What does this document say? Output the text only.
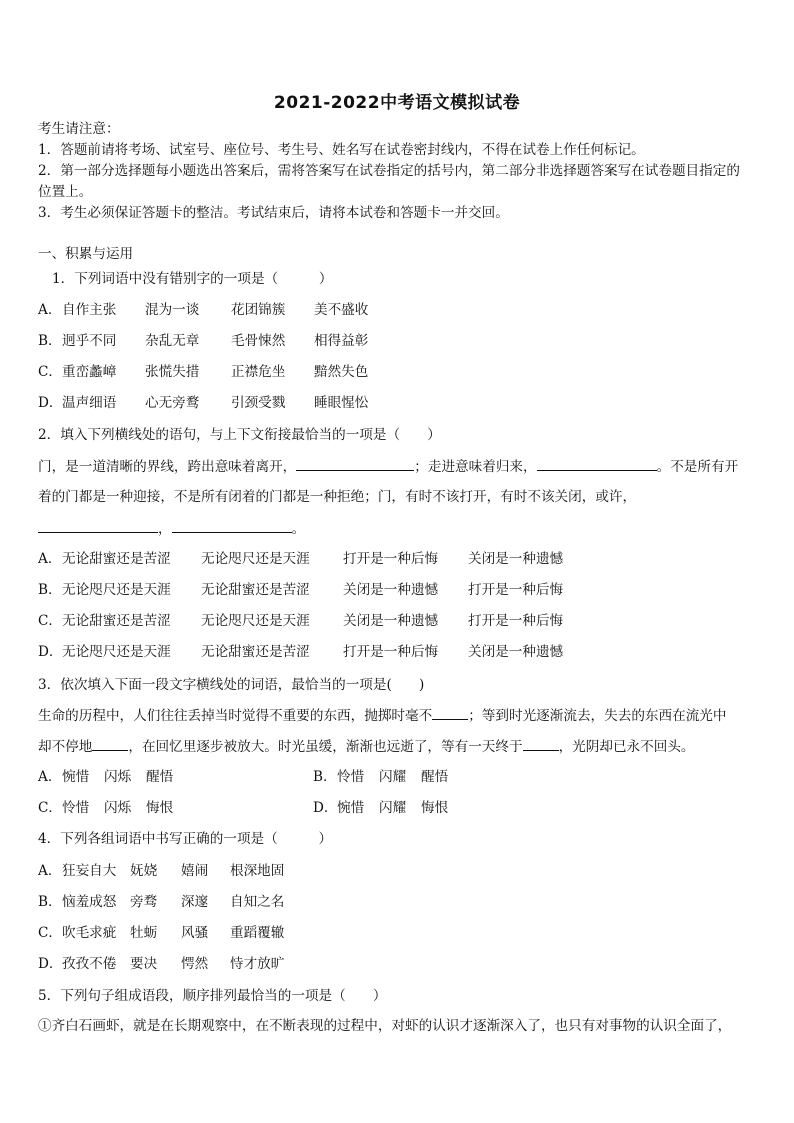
2021-2022中考语文模拟试卷
考生请注意：
1．答题前请将考场、试室号、座位号、考生号、姓名写在试卷密封线内，不得在试卷上作任何标记。
2．第一部分选择题每小题选出答案后，需将答案写在试卷指定的括号内，第二部分非选择题答案写在试卷题目指定的
位置上。
3．考生必须保证答题卡的整洁。考试结束后，请将本试卷和答题卡一并交回。
一、积累与运用
1．下列词语中没有错别字的一项是（　　　）
A． 自作主张 混为一谈 花团锦簇 美不盛收
B． 迥乎不同 杂乱无章 毛骨悚然 相得益彰
C． 重峦蠡嶂 张慌失措 正襟危坐 黯然失色
D． 温声细语 心无旁鹜 引颈受戮 睡眼惺忪
2．填入下列横线处的语句，与上下文衔接最恰当的一项是（　　）
门，是一道清晰的界线，跨出意味着离开，	；走进意味着归来，	。不是所有开
着的门都是一种迎接，不是所有闭着的门都是一种拒绝；门，有时不该打开，有时不该关闭，或许，
，	。
A． 无论甜蜜还是苦涩 无论咫尺还是天涯 打开是一种后悔 关闭是一种遗憾
B． 无论咫尺还是天涯 无论甜蜜还是苦涩 关闭是一种遗憾 打开是一种后悔
C． 无论甜蜜还是苦涩 无论咫尺还是天涯 关闭是一种遗憾 打开是一种后悔
D． 无论咫尺还是天涯 无论甜蜜还是苦涩 打开是一种后悔 关闭是一种遗憾
3．依次填入下面一段文字横线处的词语，最恰当的一项是(　　)
生命的历程中，人们往往丢掉当时觉得不重要的东西，抛掷时毫不	；等到时光逐渐流去，失去的东西在流光中
却不停地	，在回忆里逐步被放大。时光虽缓，渐渐也远逝了，等有一天终于	，光阴却已永不回头。
A． 惋惜 闪烁 醒悟	B． 怜惜 闪耀 醒悟
C． 怜惜 闪烁 悔恨	D． 惋惜 闪耀 悔恨
4．下列各组词语中书写正确的一项是（　　　）
A． 狂妄自大 妩娆 嬉闹 根深地固
B． 恼羞成怒 旁骛 深邃 自知之名
C． 吹毛求疵 牡蛎 风骚 重蹈覆辙
D． 孜孜不倦 要决 愕然 恃才放旷
5．下列句子组成语段，顺序排列最恰当的一项是（　　）
①齐白石画虾，就是在长期观察中，在不断表现的过程中，对虾的认识才逐渐深入了，也只有对事物的认识全面了，
